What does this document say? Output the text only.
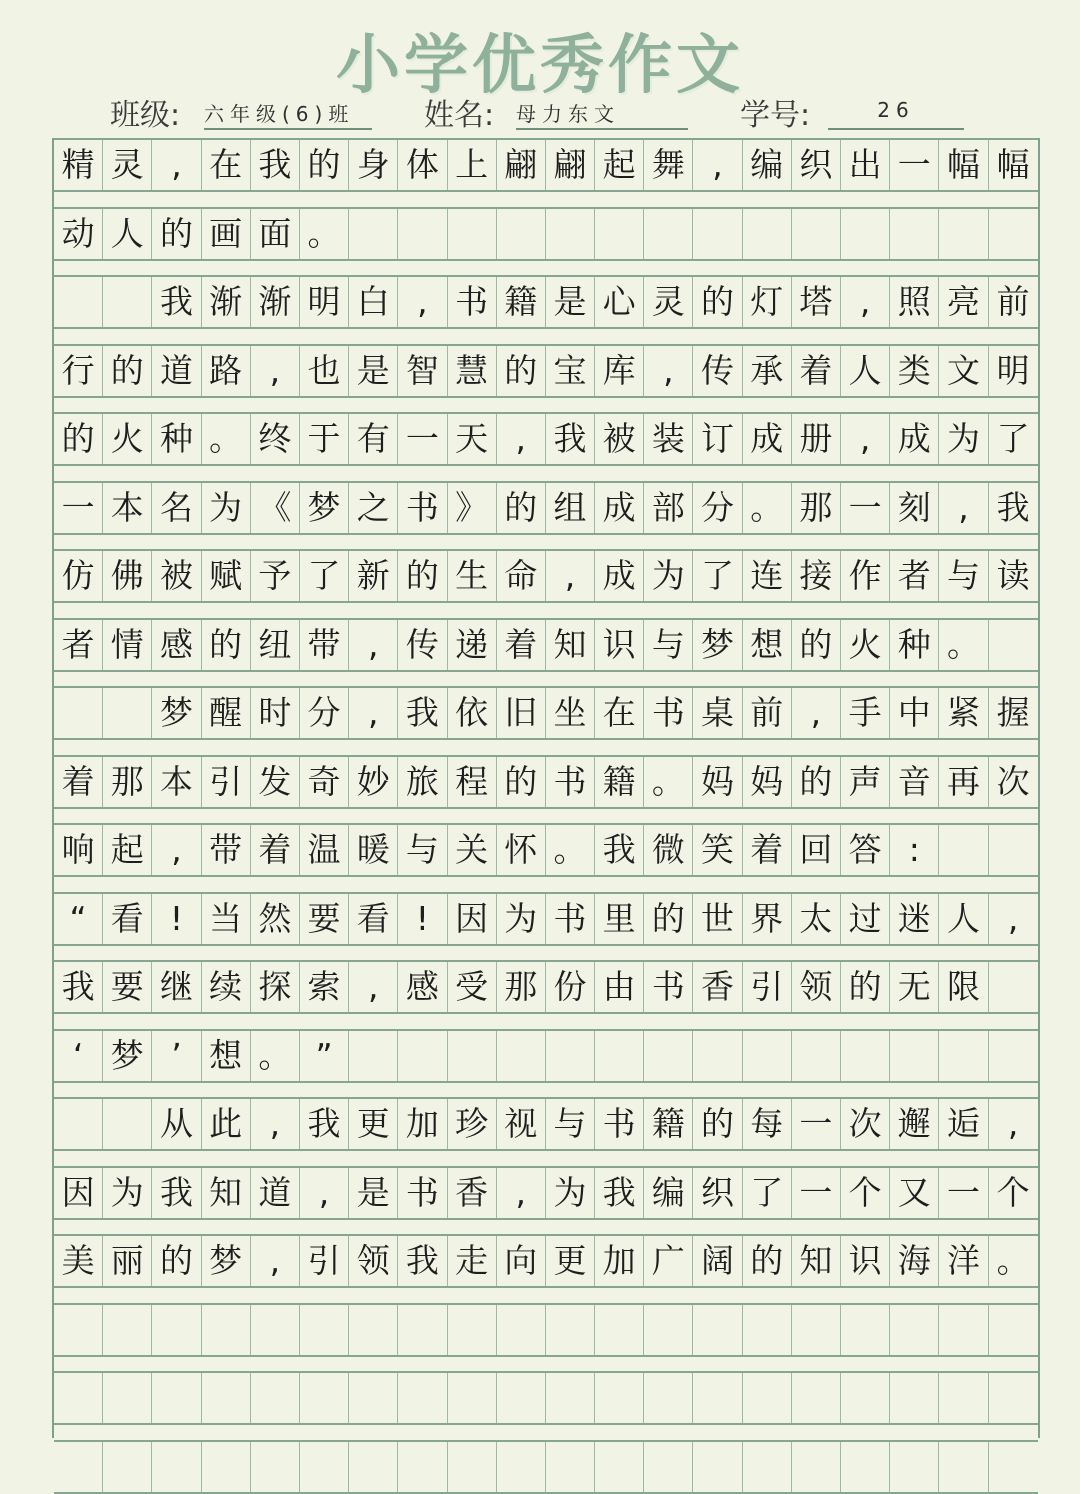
小学优秀作文
班级: 六年级(6)班	姓名: 母力东文	学号:	26
精 灵 , 在 我 的 身 体 上 翩 翩 起 舞 , 编 织 出 一 幅 幅
动 人 的 画 面 。
我 渐 渐 明 白 , 书 籍 是 心 灵 的 灯 塔 , 照 亮 前
行 的 道 路 , 也 是 智 慧 的 宝 库 , 传 承 着 人 类 文 明
的 火 种 。 终 于 有 一 天 , 我 被 装 订 成 册 , 成 为 了
一 本 名 为 《 梦 之 书 》 的 组 成 部 分 。 那 一 刻 , 我
仿 佛 被 赋 予 了 新 的 生 命 , 成 为 了 连 接 作 者 与 读
者 情 感 的 纽 带 , 传 递 着 知 识 与 梦 想 的 火 种 。
梦 醒 时 分 , 我 依 旧 坐 在 书 桌 前 , 手 中 紧 握
着 那 本 引 发 奇 妙 旅 程 的 书 籍 。 妈 妈 的 声 音 再 次
响 起 , 带 着 温 暖 与 关 怀 。 我 微 笑 着 回 答 :
“ 看 ! 当 然 要 看 ! 因 为 书 里 的 世 界 太 过 迷 人 ,
我 要 继 续 探 索 , 感 受 那 份 由 书 香 引 领 的 无 限
‘ 梦 ’ 想 。 ”
从 此 , 我 更 加 珍 视 与 书 籍 的 每 一 次 邂 逅 ,
因 为 我 知 道 , 是 书 香 , 为 我 编 织 了 一 个 又 一 个
美 丽 的 梦 , 引 领 我 走 向 更 加 广 阔 的 知 识 海 洋 。
